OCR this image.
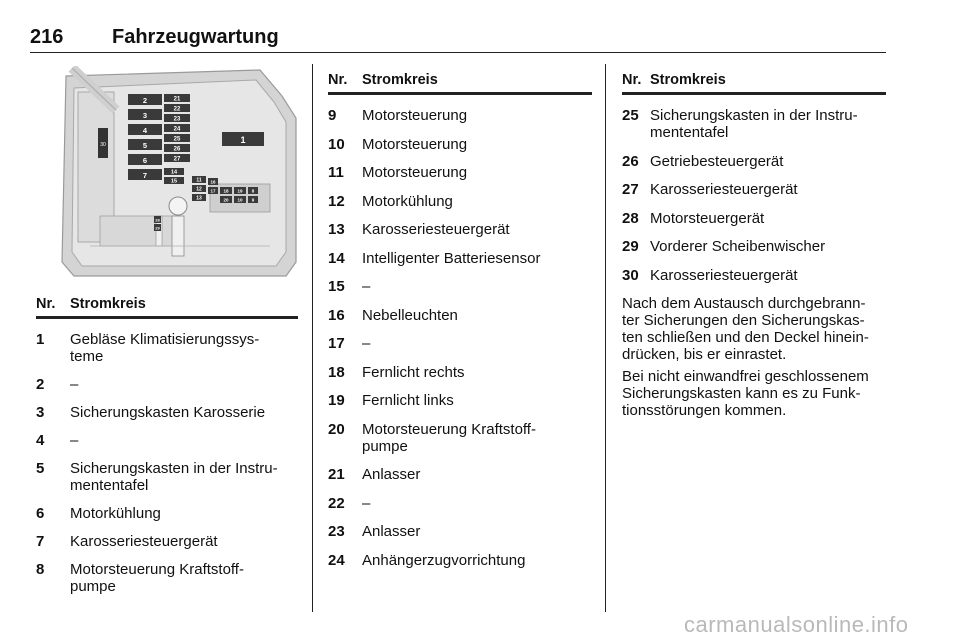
216 Fahrzeugwartung
30
2
3
4
5
6
7
21
22
23
24
25
26
27
14
15	11
12
13
16
17 18 19
20
8
9
10
28
29
1
Nr.	Stromkreis
1	Gebläse Klimatisierungssys-
teme
2	–
3	Sicherungskasten Karosserie
4	–
5	Sicherungskasten in der Instru-
mententafel
6	Motorkühlung
7	Karosseriesteuergerät
8	Motorsteuerung Kraftstoff-
pumpe
Nr.	Stromkreis
9	Motorsteuerung
10	Motorsteuerung
11	Motorsteuerung
12	Motorkühlung
13	Karosseriesteuergerät
14	Intelligenter Batteriesensor
15	–
16	Nebelleuchten
17	–
18	Fernlicht rechts
19	Fernlicht links
20	Motorsteuerung Kraftstoff-
pumpe
21	Anlasser
22	–
23	Anlasser
24	Anhängerzugvorrichtung
Nr. Stromkreis
25 Sicherungskasten in der Instru-
mententafel
26 Getriebesteuergerät
27 Karosseriesteuergerät
28 Motorsteuergerät
29 Vorderer Scheibenwischer
30 Karosseriesteuergerät
Nach dem Austausch durchgebrann-
ter Sicherungen den Sicherungskas-
ten schließen und den Deckel hinein-
drücken, bis er einrastet.
Bei nicht einwandfrei geschlossenem
Sicherungskasten kann es zu Funk-
tionsstörungen kommen.
carmanualsonline.info
